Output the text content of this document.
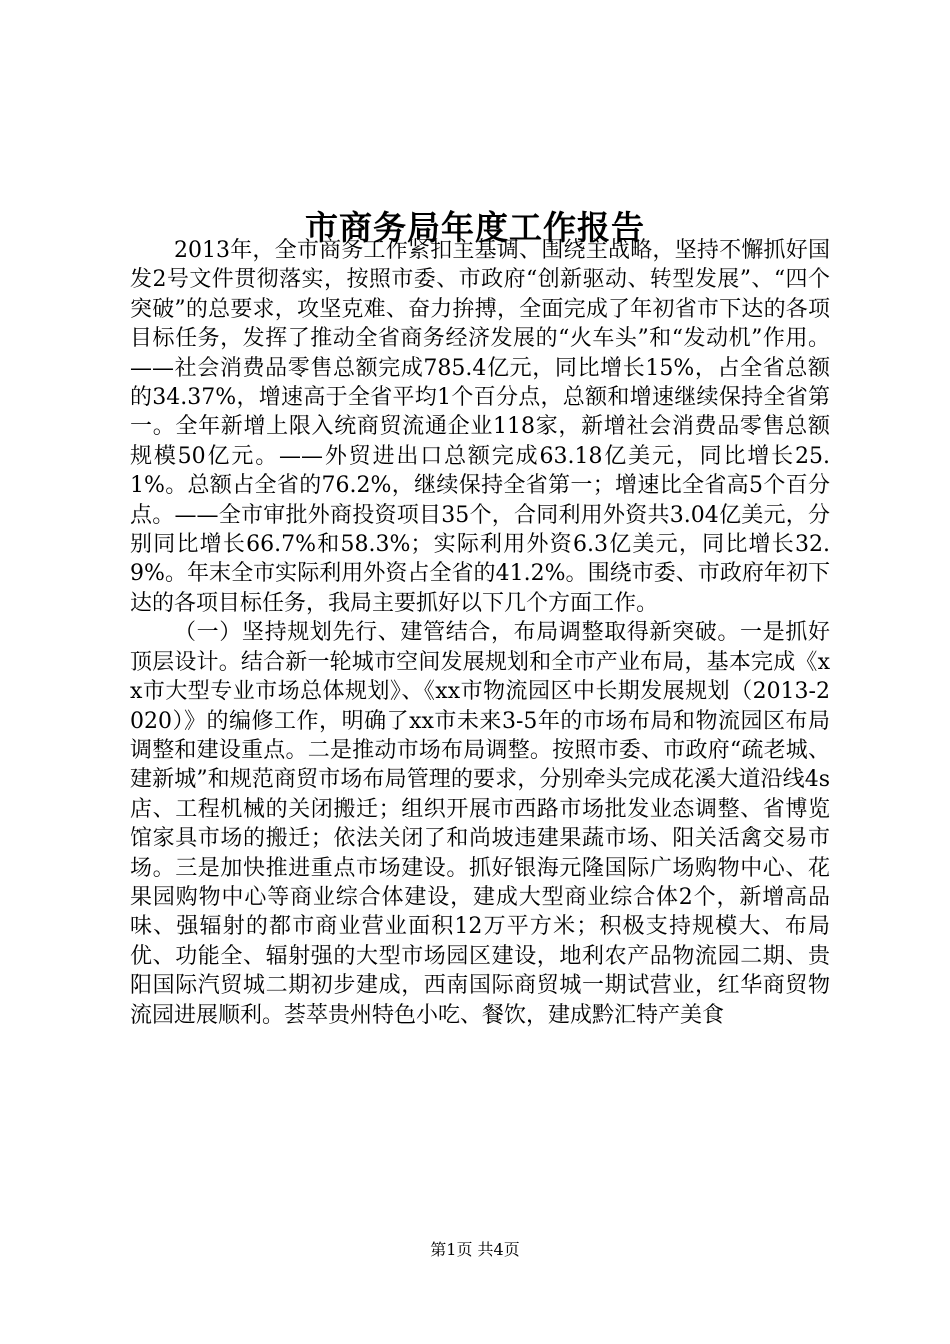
市商务局年度工作报告

2013年，全市商务工作紧扣主基调、围绕主战略，坚持不懈抓好国发2号文件贯彻落实，按照市委、市政府“创新驱动、转型发展”、“四个突破”的总要求，攻坚克难、奋力拚搏，全面完成了年初省市下达的各项目标任务，发挥了推动全省商务经济发展的“火车头”和“发动机”作用。——社会消费品零售总额完成785.4亿元，同比增长15%，占全省总额的34.37%，增速高于全省平均1个百分点，总额和增速继续保持全省第一。全年新增上限入统商贸流通企业118家，新增社会消费品零售总额规模50亿元。——外贸进出口总额完成63.18亿美元，同比增长25.1%。总额占全省的76.2%，继续保持全省第一；增速比全省高5个百分点。——全市审批外商投资项目35个，合同利用外资共3.04亿美元，分别同比增长66.7%和58.3%；实际利用外资6.3亿美元，同比增长32.9%。年末全市实际利用外资占全省的41.2%。围绕市委、市政府年初下达的各项目标任务，我局主要抓好以下几个方面工作。

（一）坚持规划先行、建管结合，布局调整取得新突破。一是抓好顶层设计。结合新一轮城市空间发展规划和全市产业布局，基本完成《xx市大型专业市场总体规划》、《xx市物流园区中长期发展规划（2013-2020）》的编修工作，明确了xx市未来3-5年的市场布局和物流园区布局调整和建设重点。二是推动市场布局调整。按照市委、市政府“疏老城、建新城”和规范商贸市场布局管理的要求，分别牵头完成花溪大道沿线4s店、工程机械的关闭搬迁；组织开展市西路市场批发业态调整、省博览馆家具市场的搬迁；依法关闭了和尚坡违建果蔬市场、阳关活禽交易市场。三是加快推进重点市场建设。抓好银海元隆国际广场购物中心、花果园购物中心等商业综合体建设，建成大型商业综合体2个，新增高品味、强辐射的都市商业营业面积12万平方米；积极支持规模大、布局优、功能全、辐射强的大型市场园区建设，地利农产品物流园二期、贵阳国际汽贸城二期初步建成，西南国际商贸城一期试营业，红华商贸物流园进展顺利。荟萃贵州特色小吃、餐饮，建成黔汇特产美食

第1页 共4页
